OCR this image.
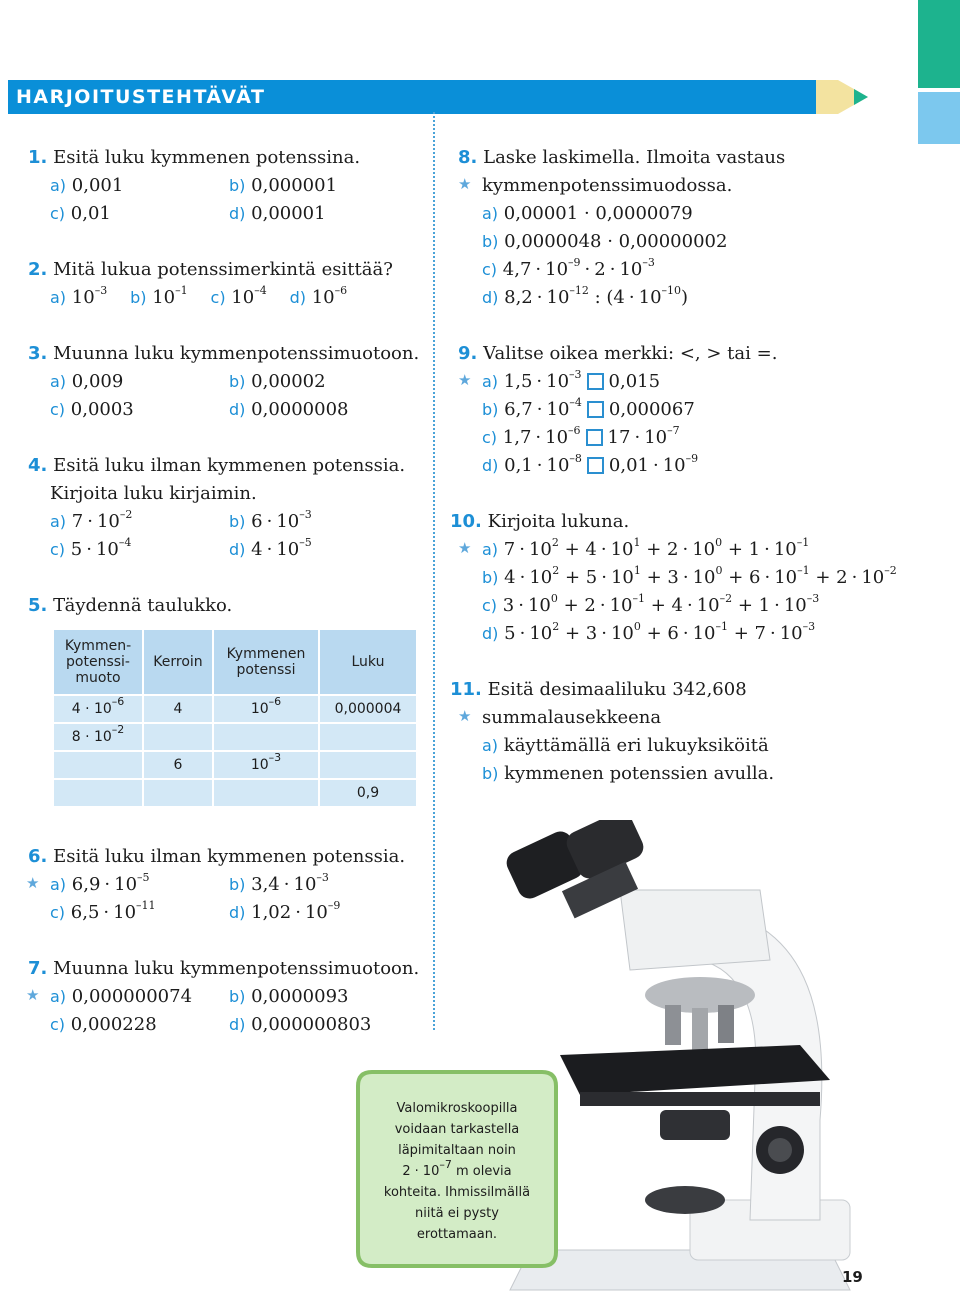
HARJOITUSTEHTÄVÄT
1. Esitä luku kymmenen potenssina.
a) 0,001	b) 0,000001
c) 0,01	d) 0,00001
2. Mitä lukua potenssimerkintä esittää?
a) $10^{-3}$ b) $10^{-1}$ c) $10^{-4}$ d) $10^{-6}$
3. Muunna luku kymmenpotenssimuotoon.
a) 0,009	b) 0,00002
c) 0,0003	d) 0,0000008
4. Esitä luku ilman kymmenen potenssia.
Kirjoita luku kirjaimin.
a) $7 \cdot 10^{-2}$	b) $6 \cdot 10^{-3}$
c) $5 \cdot 10^{-4}$	d) $4 \cdot 10^{-5}$
5. Täydennä taulukko.
Kymmen-potenssi-muoto	Kerroin	Kymmenen potenssi	Luku
$4 \cdot 10^{-6}$	4	$10^{-6}$	0,000004
$8 \cdot 10^{-2}$			
	6	$10^{-3}$	
			0,9
6. Esitä luku ilman kymmenen potenssia.
★ a) $6,9 \cdot 10^{-5}$	b) $3,4 \cdot 10^{-3}$
c) $6,5 \cdot 10^{-11}$	d) $1,02 \cdot 10^{-9}$
7. Muunna luku kymmenpotenssimuotoon.
★ a) 0,000000074 b) 0,0000093
c) 0,000228	d) 0,000000803
8. Laske laskimella. Ilmoita vastaus
★ kymmenpotenssimuodossa.
a) 0,00001 · 0,0000079
b) 0,0000048 · 0,00000002
c) $4,7 \cdot 10^{-9} \cdot 2 \cdot 10^{-3}$
d) $8,2 \cdot 10^{-12}$ : $(4 \cdot 10^{-10})$
9. Valitse oikea merkki: <, > tai =.
★ a) $1,5 \cdot 10^{-3}$ 0,015
b) $6,7 \cdot 10^{-4}$ 0,000067
c) $1,7 \cdot 10^{-6}$ $17 \cdot 10^{-7}$
d) $0,1 \cdot 10^{-8}$ $0,01 \cdot 10^{-9}$
10. Kirjoita lukuna.
★ a) $7 \cdot 10^2 + 4 \cdot 10^1 + 2 \cdot 10^0 + 1 \cdot 10^{-1}$
b) $4 \cdot 10^2 + 5 \cdot 10^1 + 3 \cdot 10^0 + 6 \cdot 10^{-1} + 2 \cdot 10^{-2}$
c) $3 \cdot 10^0 + 2 \cdot 10^{-1} + 4 \cdot 10^{-2} + 1 \cdot 10^{-3}$
d) $5 \cdot 10^2 + 3 \cdot 10^0 + 6 \cdot 10^{-1} + 7 \cdot 10^{-3}$
11. Esitä desimaaliluku 342,608
★ summalausekkeena
a) käyttämällä eri lukuyksiköitä
b) kymmenen potenssien avulla.
Valomikroskoopilla
voidaan tarkastella
läpimitaltaan noin
$2 \cdot 10^{-7}$ m olevia
kohteita. Ihmissilmällä
niitä ei pysty
erottamaan.
19
